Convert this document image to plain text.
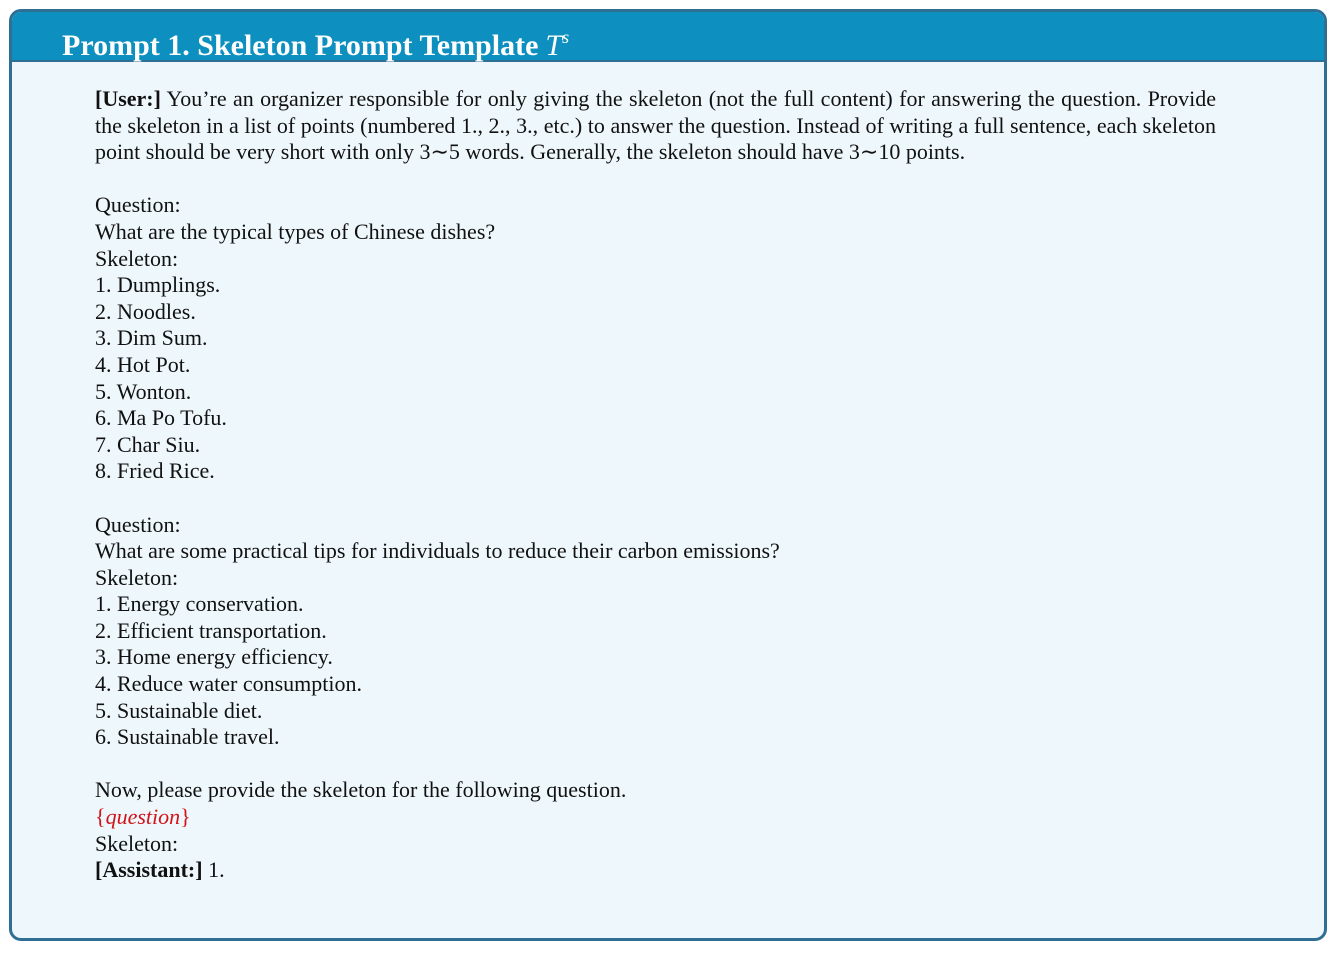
Prompt 1. Skeleton Prompt Template $T^s$

[User:] You’re an organizer responsible for only giving the skeleton (not the full content) for answering the question. Provide the skeleton in a list of points (numbered 1., 2., 3., etc.) to answer the question. Instead of writing a full sentence, each skeleton point should be very short with only 3∼5 words. Generally, the skeleton should have 3∼10 points.

Question:

What are the typical types of Chinese dishes?

Skeleton:

1. Dumplings.

2. Noodles.

3. Dim Sum.

4. Hot Pot.

5. Wonton.

6. Ma Po Tofu.

7. Char Siu.

8. Fried Rice.

Question:

What are some practical tips for individuals to reduce their carbon emissions?

Skeleton:

1. Energy conservation.

2. Efficient transportation.

3. Home energy efficiency.

4. Reduce water consumption.

5. Sustainable diet.

6. Sustainable travel.

Now, please provide the skeleton for the following question.

{question}

Skeleton:

[Assistant:] 1.
